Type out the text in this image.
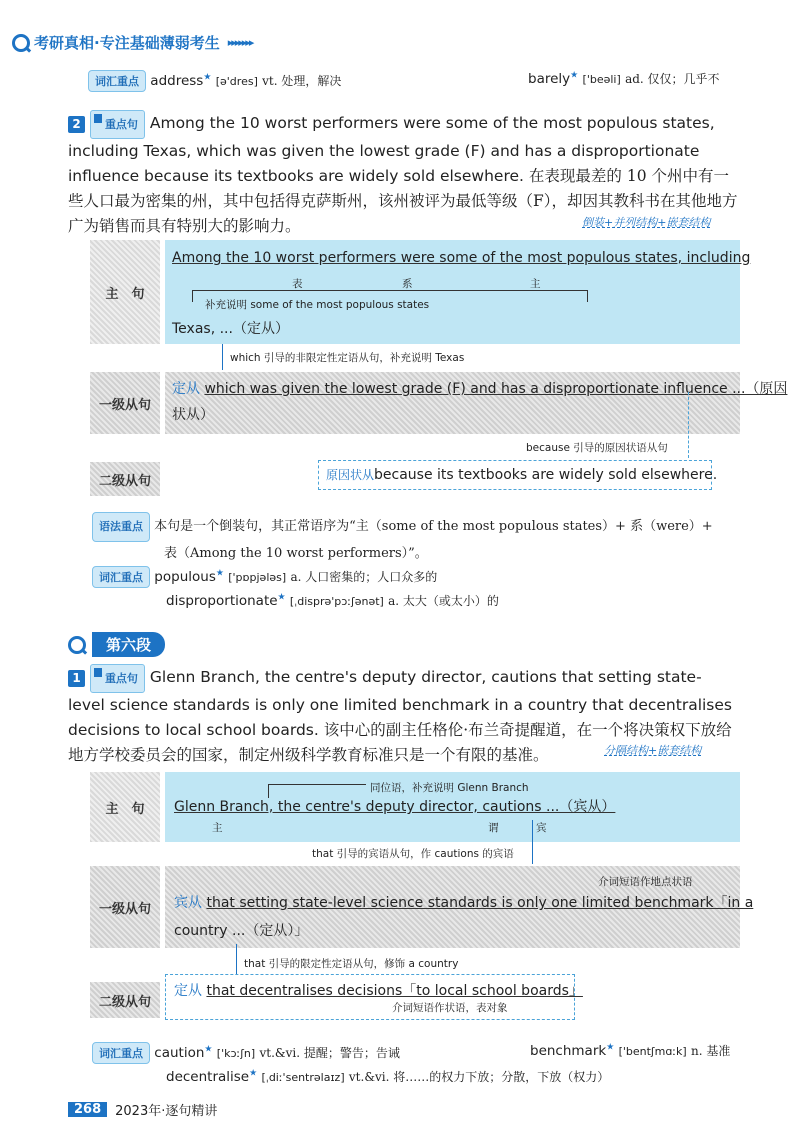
考研真相·专注基础薄弱考生 ▸▸▸▸▸▸▸
词汇重点 address★ [ə'dres] vt. 处理，解决	barely★ ['beəli] ad. 仅仅；几乎不
2 重点句 Among the 10 worst performers were some of the most populous states, including Texas, which was given the lowest grade (F) and has a disproportionate influence because its textbooks are widely sold elsewhere. 在表现最差的 10 个州中有一些人口最为密集的州，其中包括得克萨斯州，该州被评为最低等级（F），却因其教科书在其他地方广为销售而具有特别大的影响力。	倒装+并列结构+嵌套结构
主　句
Among the 10 worst performers were some of the most populous states, including
表	系	主
补充说明 some of the most populous states
Texas, ...（定从）
which 引导的非限定性定语从句，补充说明 Texas
一级从句
定从 which was given the lowest grade (F) and has a disproportionate influence ...（原因
状从）
because 引导的原因状语从句
二级从句	原因状从because its textbooks are widely sold elsewhere.
语法重点 本句是一个倒装句，其正常语序为“主（some of the most populous states）+ 系（were）+
表（Among the 10 worst performers）”。
词汇重点 populous★ ['pɒpjələs] a. 人口密集的；人口众多的
disproportionate★ [ˌdisprə'pɔːʃənət] a. 太大（或太小）的
第六段
1 重点句 Glenn Branch, the centre's deputy director, cautions that setting state-level science standards is only one limited benchmark in a country that decentralises decisions to local school boards. 该中心的副主任格伦·布兰奇提醒道，在一个将决策权下放给地方学校委员会的国家，制定州级科学教育标准只是一个有限的基准。	分隔结构+嵌套结构
主　句
同位语，补充说明 Glenn Branch
Glenn Branch, the centre's deputy director, cautions ...（宾从）
主	谓	宾
that 引导的宾语从句，作 cautions 的宾语
一级从句
介词短语作地点状语
宾从 that setting state-level science standards is only one limited benchmark「in a
country ...（定从）」
that 引导的限定性定语从句，修饰 a country
二级从句
定从 that decentralises decisions「to local school boards」
介词短语作状语，表对象
词汇重点 caution★ ['kɔːʃn] vt.&vi. 提醒；警告；告诫	benchmark★ ['bentʃmɑːk] n. 基准
decentralise★ [ˌdiː'sentrəlaɪz] vt.&vi. 将……的权力下放；分散，下放（权力）
268	2023年·逐句精讲
